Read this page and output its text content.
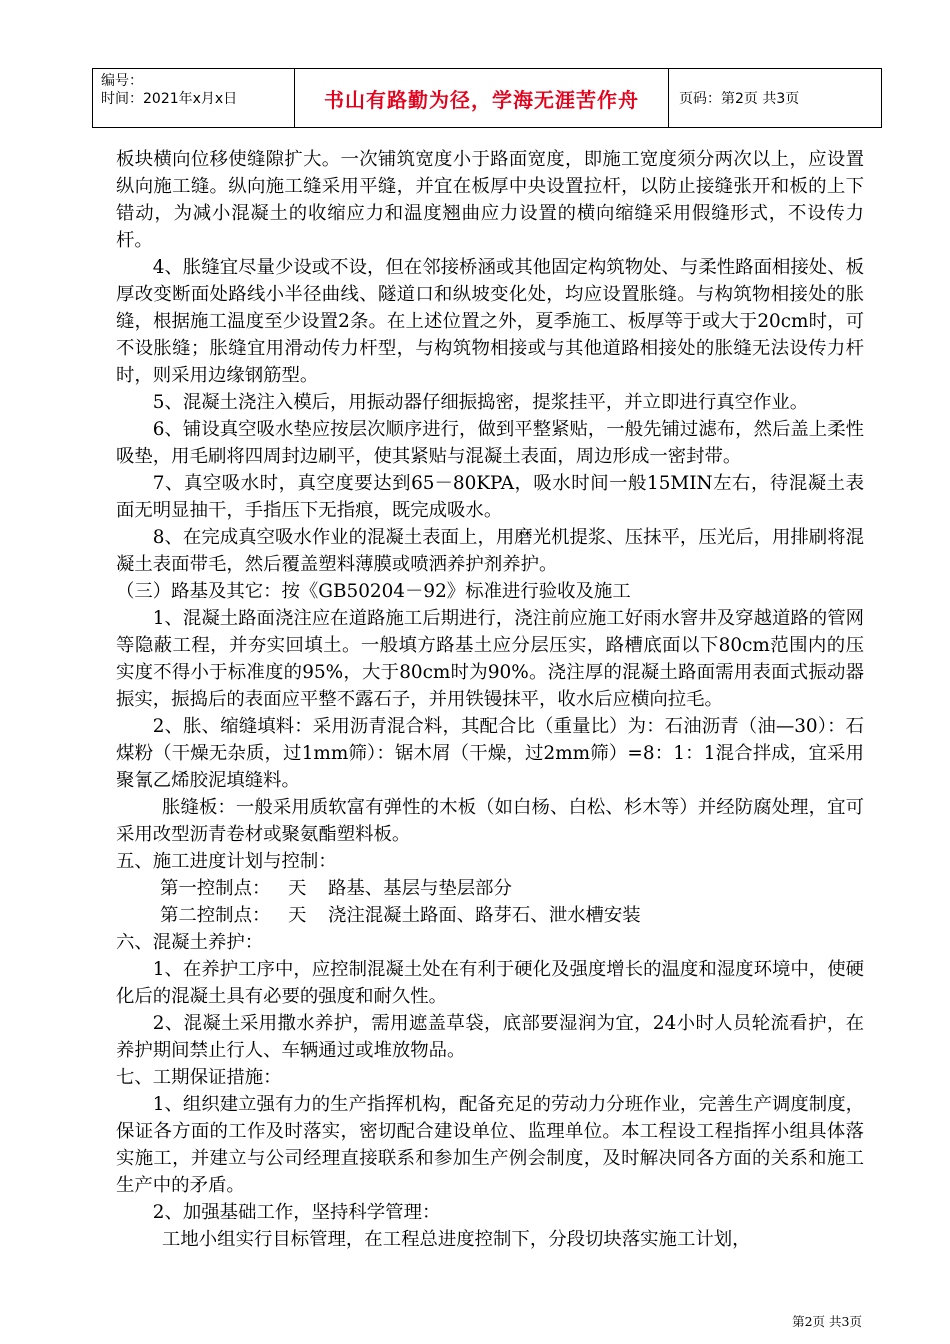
编号：
时间：2021年x月x日	书山有路勤为径，学海无涯苦作舟	页码：第2页 共3页

板块横向位移使缝隙扩大。一次铺筑宽度小于路面宽度，即施工宽度须分两次以上，应设置纵向施工缝。纵向施工缝采用平缝，并宜在板厚中央设置拉杆，以防止接缝张开和板的上下错动，为减小混凝土的收缩应力和温度翘曲应力设置的横向缩缝采用假缝形式，不设传力杆。

4、胀缝宜尽量少设或不设，但在邻接桥涵或其他固定构筑物处、与柔性路面相接处、板厚改变断面处路线小半径曲线、隧道口和纵坡变化处，均应设置胀缝。与构筑物相接处的胀缝，根据施工温度至少设置2条。在上述位置之外，夏季施工、板厚等于或大于20cm时，可不设胀缝；胀缝宜用滑动传力杆型，与构筑物相接或与其他道路相接处的胀缝无法设传力杆时，则采用边缘钢筋型。

5、混凝土浇注入模后，用振动器仔细振捣密，提浆挂平，并立即进行真空作业。

6、铺设真空吸水垫应按层次顺序进行，做到平整紧贴，一般先铺过滤布，然后盖上柔性吸垫，用毛刷将四周封边刷平，使其紧贴与混凝土表面，周边形成一密封带。

7、真空吸水时，真空度要达到65－80KPA，吸水时间一般15MIN左右，待混凝土表面无明显抽干，手指压下无指痕，既完成吸水。

8、在完成真空吸水作业的混凝土表面上，用磨光机提浆、压抹平，压光后，用排刷将混凝土表面带毛，然后覆盖塑料薄膜或喷洒养护剂养护。

（三）路基及其它：按《GB50204－92》标准进行验收及施工

1、混凝土路面浇注应在道路施工后期进行，浇注前应施工好雨水窨井及穿越道路的管网等隐蔽工程，并夯实回填土。一般填方路基土应分层压实，路槽底面以下80cm范围内的压实度不得小于标准度的95%，大于80cm时为90%。浇注厚的混凝土路面需用表面式振动器振实，振捣后的表面应平整不露石子，并用铁镘抹平，收水后应横向拉毛。

2、胀、缩缝填料：采用沥青混合料，其配合比（重量比）为：石油沥青（油—30）：石煤粉（干燥无杂质，过1mm筛）：锯木屑（干燥，过2mm筛）=8：1：1混合拌成，宜采用聚氰乙烯胶泥填缝料。

胀缝板：一般采用质软富有弹性的木板（如白杨、白松、杉木等）并经防腐处理，宜可采用改型沥青卷材或聚氨酯塑料板。

五、施工进度计划与控制：

第一控制点： 天	路基、基层与垫层部分
第二控制点： 天	浇注混凝土路面、路芽石、泄水槽安装

六、混凝土养护：

1、在养护工序中，应控制混凝土处在有利于硬化及强度增长的温度和湿度环境中，使硬化后的混凝土具有必要的强度和耐久性。

2、混凝土采用撒水养护，需用遮盖草袋，底部要湿润为宜，24小时人员轮流看护，在养护期间禁止行人、车辆通过或堆放物品。

七、工期保证措施：

1、组织建立强有力的生产指挥机构，配备充足的劳动力分班作业，完善生产调度制度，保证各方面的工作及时落实，密切配合建设单位、监理单位。本工程设工程指挥小组具体落实施工，并建立与公司经理直接联系和参加生产例会制度，及时解决同各方面的关系和施工生产中的矛盾。

2、加强基础工作，坚持科学管理：

工地小组实行目标管理，在工程总进度控制下，分段切块落实施工计划，

第2页 共3页
